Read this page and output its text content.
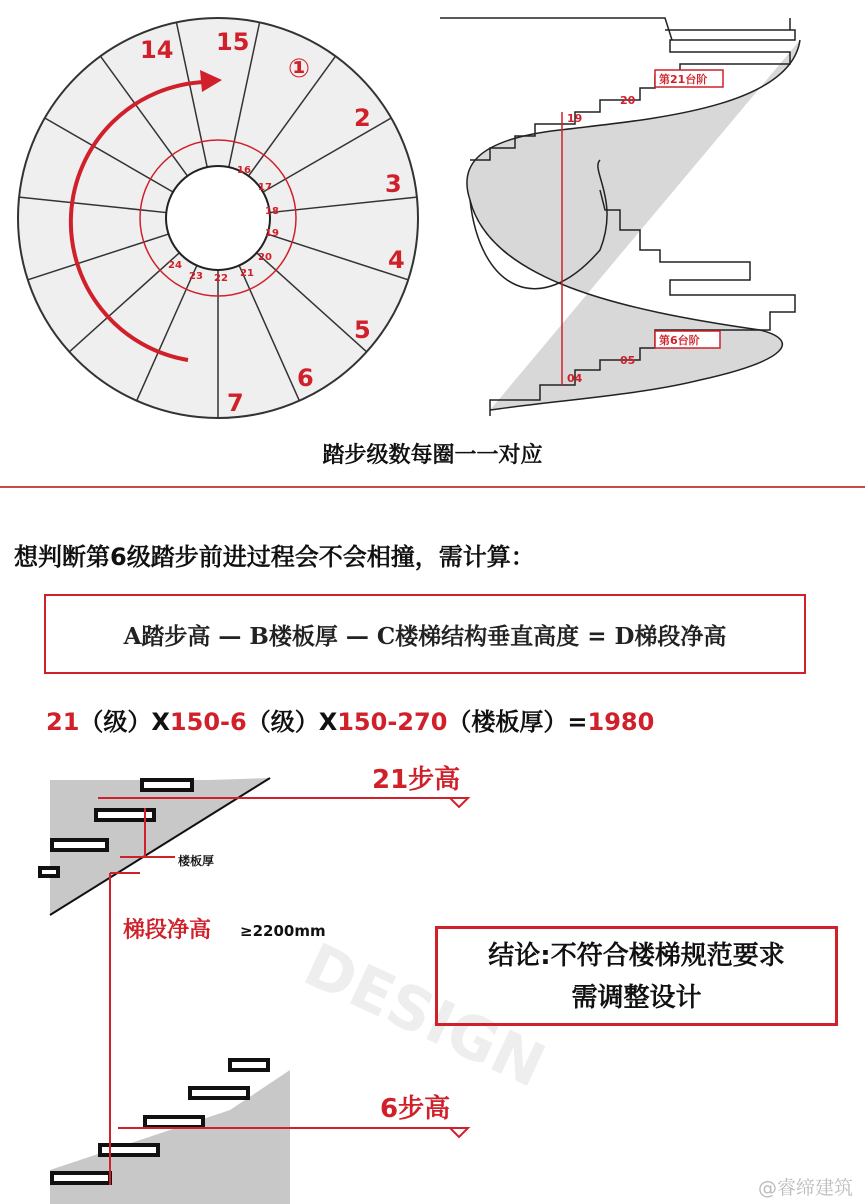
14 15
①
2
3
4
5
6
7
16
17
18
19
20
21
22
23
24
19
20
第21台阶
04
05
第6台阶
踏步级数每圈一一对应
想判断第6级踏步前进过程会不会相撞，需计算：
A踏步高 — B楼板厚 — C楼梯结构垂直高度 = D梯段净高
21（级）X150-6（级）X150-270（楼板厚）=1980
DESIGN
21步高
楼板厚
梯段净高 ≥2200mm
6步高
结论:不符合楼梯规范要求
需调整设计
@睿缔建筑
